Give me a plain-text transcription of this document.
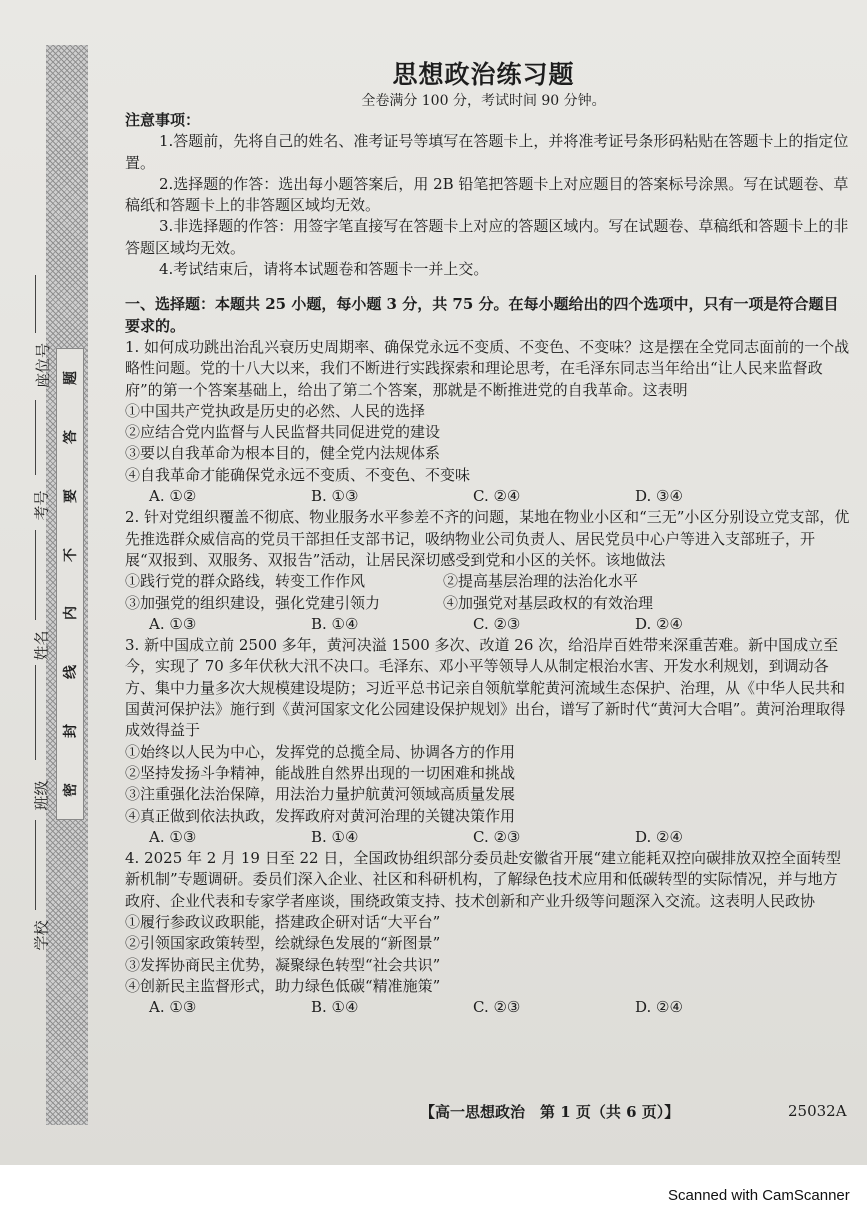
题
答
要
不
内
线
封
密
座位号
考号
姓名
班级
学校
思想政治练习题
全卷满分 100 分，考试时间 90 分钟。

注意事项：

1.答题前，先将自己的姓名、准考证号等填写在答题卡上，并将准考证号条形码粘贴在答题卡上的指定位置。

2.选择题的作答：选出每小题答案后，用 2B 铅笔把答题卡上对应题目的答案标号涂黑。写在试题卷、草稿纸和答题卡上的非答题区域均无效。

3.非选择题的作答：用签字笔直接写在答题卡上对应的答题区域内。写在试题卷、草稿纸和答题卡上的非答题区域均无效。

4.考试结束后，请将本试题卷和答题卡一并上交。

一、选择题：本题共 25 小题，每小题 3 分，共 75 分。在每小题给出的四个选项中，只有一项是符合题目要求的。

1. 如何成功跳出治乱兴衰历史周期率、确保党永远不变质、不变色、不变味？这是摆在全党同志面前的一个战略性问题。党的十八大以来，我们不断进行实践探索和理论思考，在毛泽东同志当年给出“让人民来监督政府”的第一个答案基础上，给出了第二个答案，那就是不断推进党的自我革命。这表明

①中国共产党执政是历史的必然、人民的选择

②应结合党内监督与人民监督共同促进党的建设

③要以自我革命为根本目的，健全党内法规体系

④自我革命才能确保党永远不变质、不变色、不变味

A. ①②	B. ①③	C. ②④	D. ③④

2. 针对党组织覆盖不彻底、物业服务水平参差不齐的问题，某地在物业小区和“三无”小区分别设立党支部，优先推选群众威信高的党员干部担任支部书记，吸纳物业公司负责人、居民党员中心户等进入支部班子，开展“双报到、双服务、双报告”活动，让居民深切感受到党和小区的关怀。该地做法

①践行党的群众路线，转变工作作风	②提高基层治理的法治化水平
③加强党的组织建设，强化党建引领力	④加强党对基层政权的有效治理
A. ①③	B. ①④	C. ②③	D. ②④

3. 新中国成立前 2500 多年，黄河决溢 1500 多次、改道 26 次，给沿岸百姓带来深重苦难。新中国成立至今，实现了 70 多年伏秋大汛不决口。毛泽东、邓小平等领导人从制定根治水害、开发水利规划，到调动各方、集中力量多次大规模建设堤防；习近平总书记亲自领航掌舵黄河流域生态保护、治理，从《中华人民共和国黄河保护法》施行到《黄河国家文化公园建设保护规划》出台，谱写了新时代“黄河大合唱”。黄河治理取得成效得益于

①始终以人民为中心，发挥党的总揽全局、协调各方的作用

②坚持发扬斗争精神，能战胜自然界出现的一切困难和挑战

③注重强化法治保障，用法治力量护航黄河领域高质量发展

④真正做到依法执政，发挥政府对黄河治理的关键决策作用

A. ①③	B. ①④	C. ②③	D. ②④

4. 2025 年 2 月 19 日至 22 日，全国政协组织部分委员赴安徽省开展“建立能耗双控向碳排放双控全面转型新机制”专题调研。委员们深入企业、社区和科研机构，了解绿色技术应用和低碳转型的实际情况，并与地方政府、企业代表和专家学者座谈，围绕政策支持、技术创新和产业升级等问题深入交流。这表明人民政协

①履行参政议政职能，搭建政企研对话“大平台”

②引领国家政策转型，绘就绿色发展的“新图景”

③发挥协商民主优势，凝聚绿色转型“社会共识”

④创新民主监督形式，助力绿色低碳“精准施策”

A. ①③	B. ①④	C. ②③	D. ②④
【高一思想政治　第 1 页（共 6 页）】	25032A
Scanned with CamScanner
